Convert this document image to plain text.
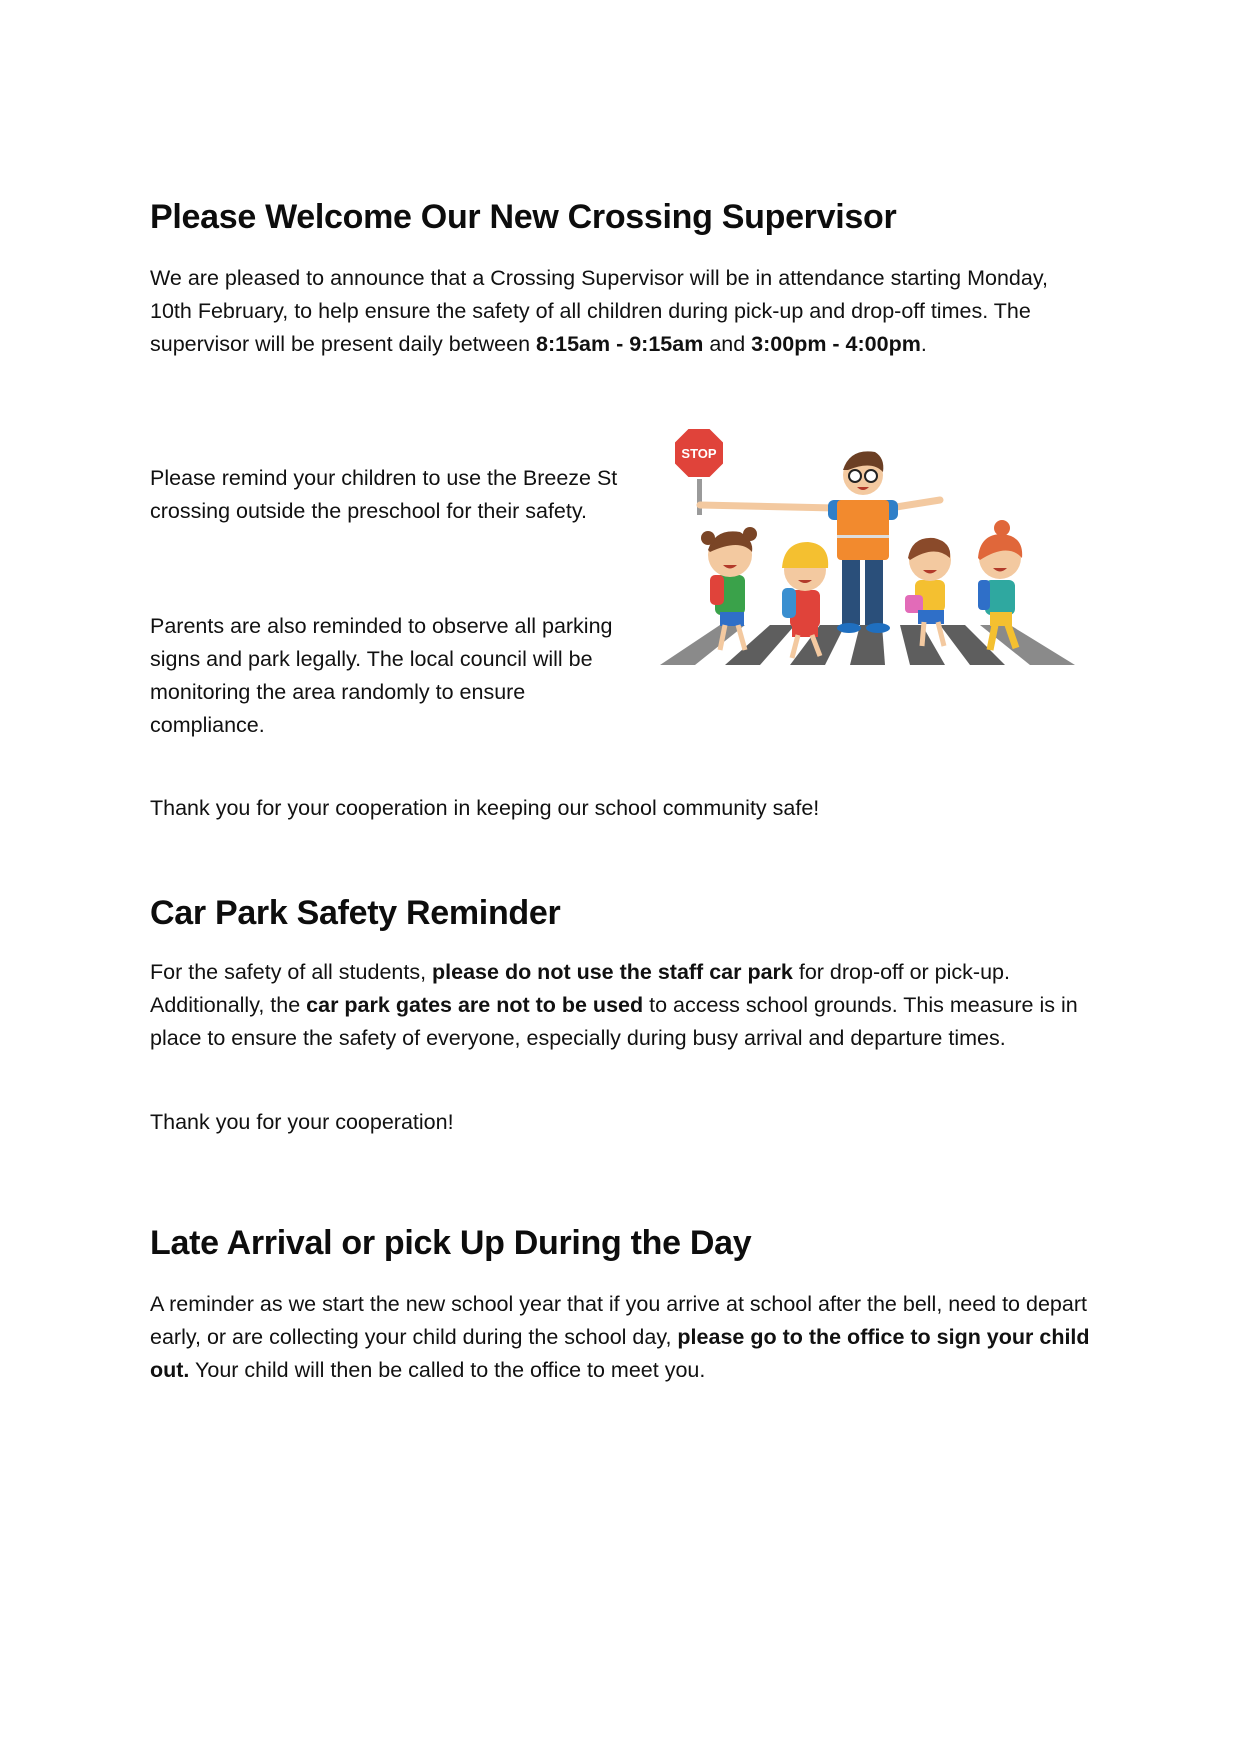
Please Welcome Our New Crossing Supervisor

We are pleased to announce that a Crossing Supervisor will be in attendance starting Monday, 10th February, to help ensure the safety of all children during pick-up and drop-off times. The supervisor will be present daily between 8:15am - 9:15am and 3:00pm - 4:00pm.

Please remind your children to use the Breeze St crossing outside the preschool for their safety.

Parents are also reminded to observe all parking signs and park legally. The local council will be monitoring the area randomly to ensure compliance.

Thank you for your cooperation in keeping our school community safe!

Car Park Safety Reminder

For the safety of all students, please do not use the staff car park for drop-off or pick-up. Additionally, the car park gates are not to be used to access school grounds. This measure is in place to ensure the safety of everyone, especially during busy arrival and departure times.

Thank you for your cooperation!

Late Arrival or pick Up During the Day

A reminder as we start the new school year that if you arrive at school after the bell, need to depart early, or are collecting your child during the school day, please go to the office to sign your child out. Your child will then be called to the office to meet you.

STOP
